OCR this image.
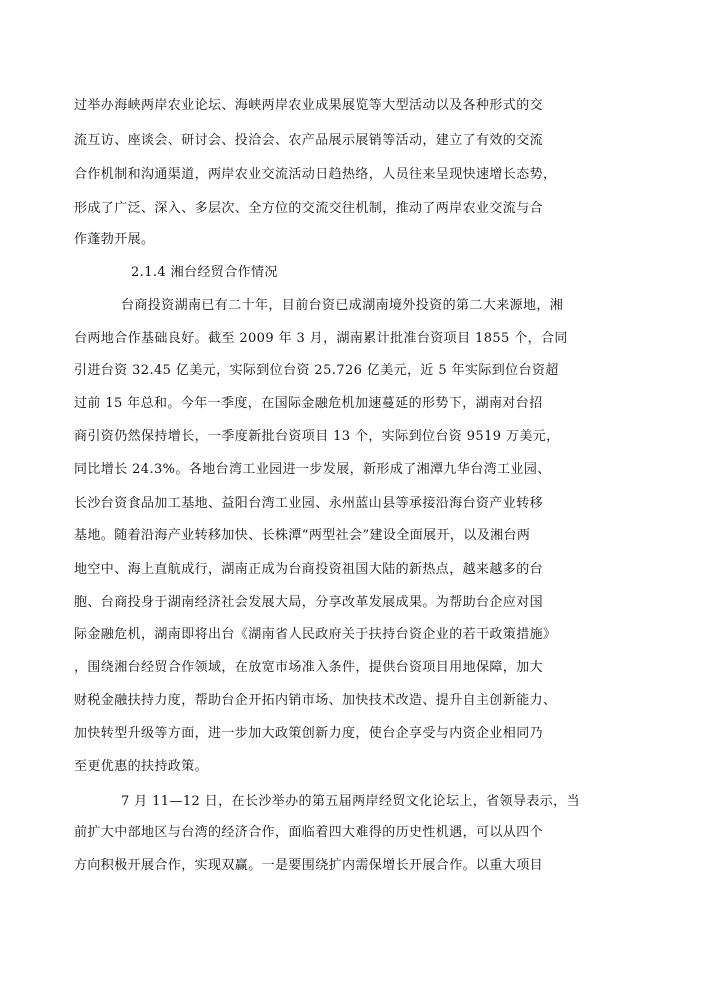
过举办海峡两岸农业论坛、海峡两岸农业成果展览等大型活动以及各种形式的交
流互访、座谈会、研讨会、投洽会、农产品展示展销等活动，建立了有效的交流
合作机制和沟通渠道，两岸农业交流活动日趋热络，人员往来呈现快速增长态势，
形成了广泛、深入、多层次、全方位的交流交往机制，推动了两岸农业交流与合
作蓬勃开展。
2.1.4 湘台经贸合作情况
台商投资湖南已有二十年，目前台资已成湖南境外投资的第二大来源地，湘
台两地合作基础良好。截至 2009 年 3 月，湖南累计批准台资项目 1855 个，合同
引进台资 32.45 亿美元，实际到位台资 25.726 亿美元，近 5 年实际到位台资超
过前 15 年总和。今年一季度，在国际金融危机加速蔓延的形势下，湖南对台招
商引资仍然保持增长，一季度新批台资项目 13 个，实际到位台资 9519 万美元，
同比增长 24.3%。各地台湾工业园进一步发展，新形成了湘潭九华台湾工业园、
长沙台资食品加工基地、益阳台湾工业园、永州蓝山县等承接沿海台资产业转移
基地。随着沿海产业转移加快、长株潭“两型社会”建设全面展开，以及湘台两
地空中、海上直航成行，湖南正成为台商投资祖国大陆的新热点，越来越多的台
胞、台商投身于湖南经济社会发展大局，分享改革发展成果。为帮助台企应对国
际金融危机，湖南即将出台《湖南省人民政府关于扶持台资企业的若干政策措施》
，围绕湘台经贸合作领域，在放宽市场准入条件，提供台资项目用地保障，加大
财税金融扶持力度，帮助台企开拓内销市场、加快技术改造、提升自主创新能力、
加快转型升级等方面，进一步加大政策创新力度，使台企享受与内资企业相同乃
至更优惠的扶持政策。
7 月 11—12 日，在长沙举办的第五届两岸经贸文化论坛上，省领导表示，当
前扩大中部地区与台湾的经济合作，面临着四大难得的历史性机遇，可以从四个
方向积极开展合作，实现双赢。一是要围绕扩内需保增长开展合作。以重大项目
